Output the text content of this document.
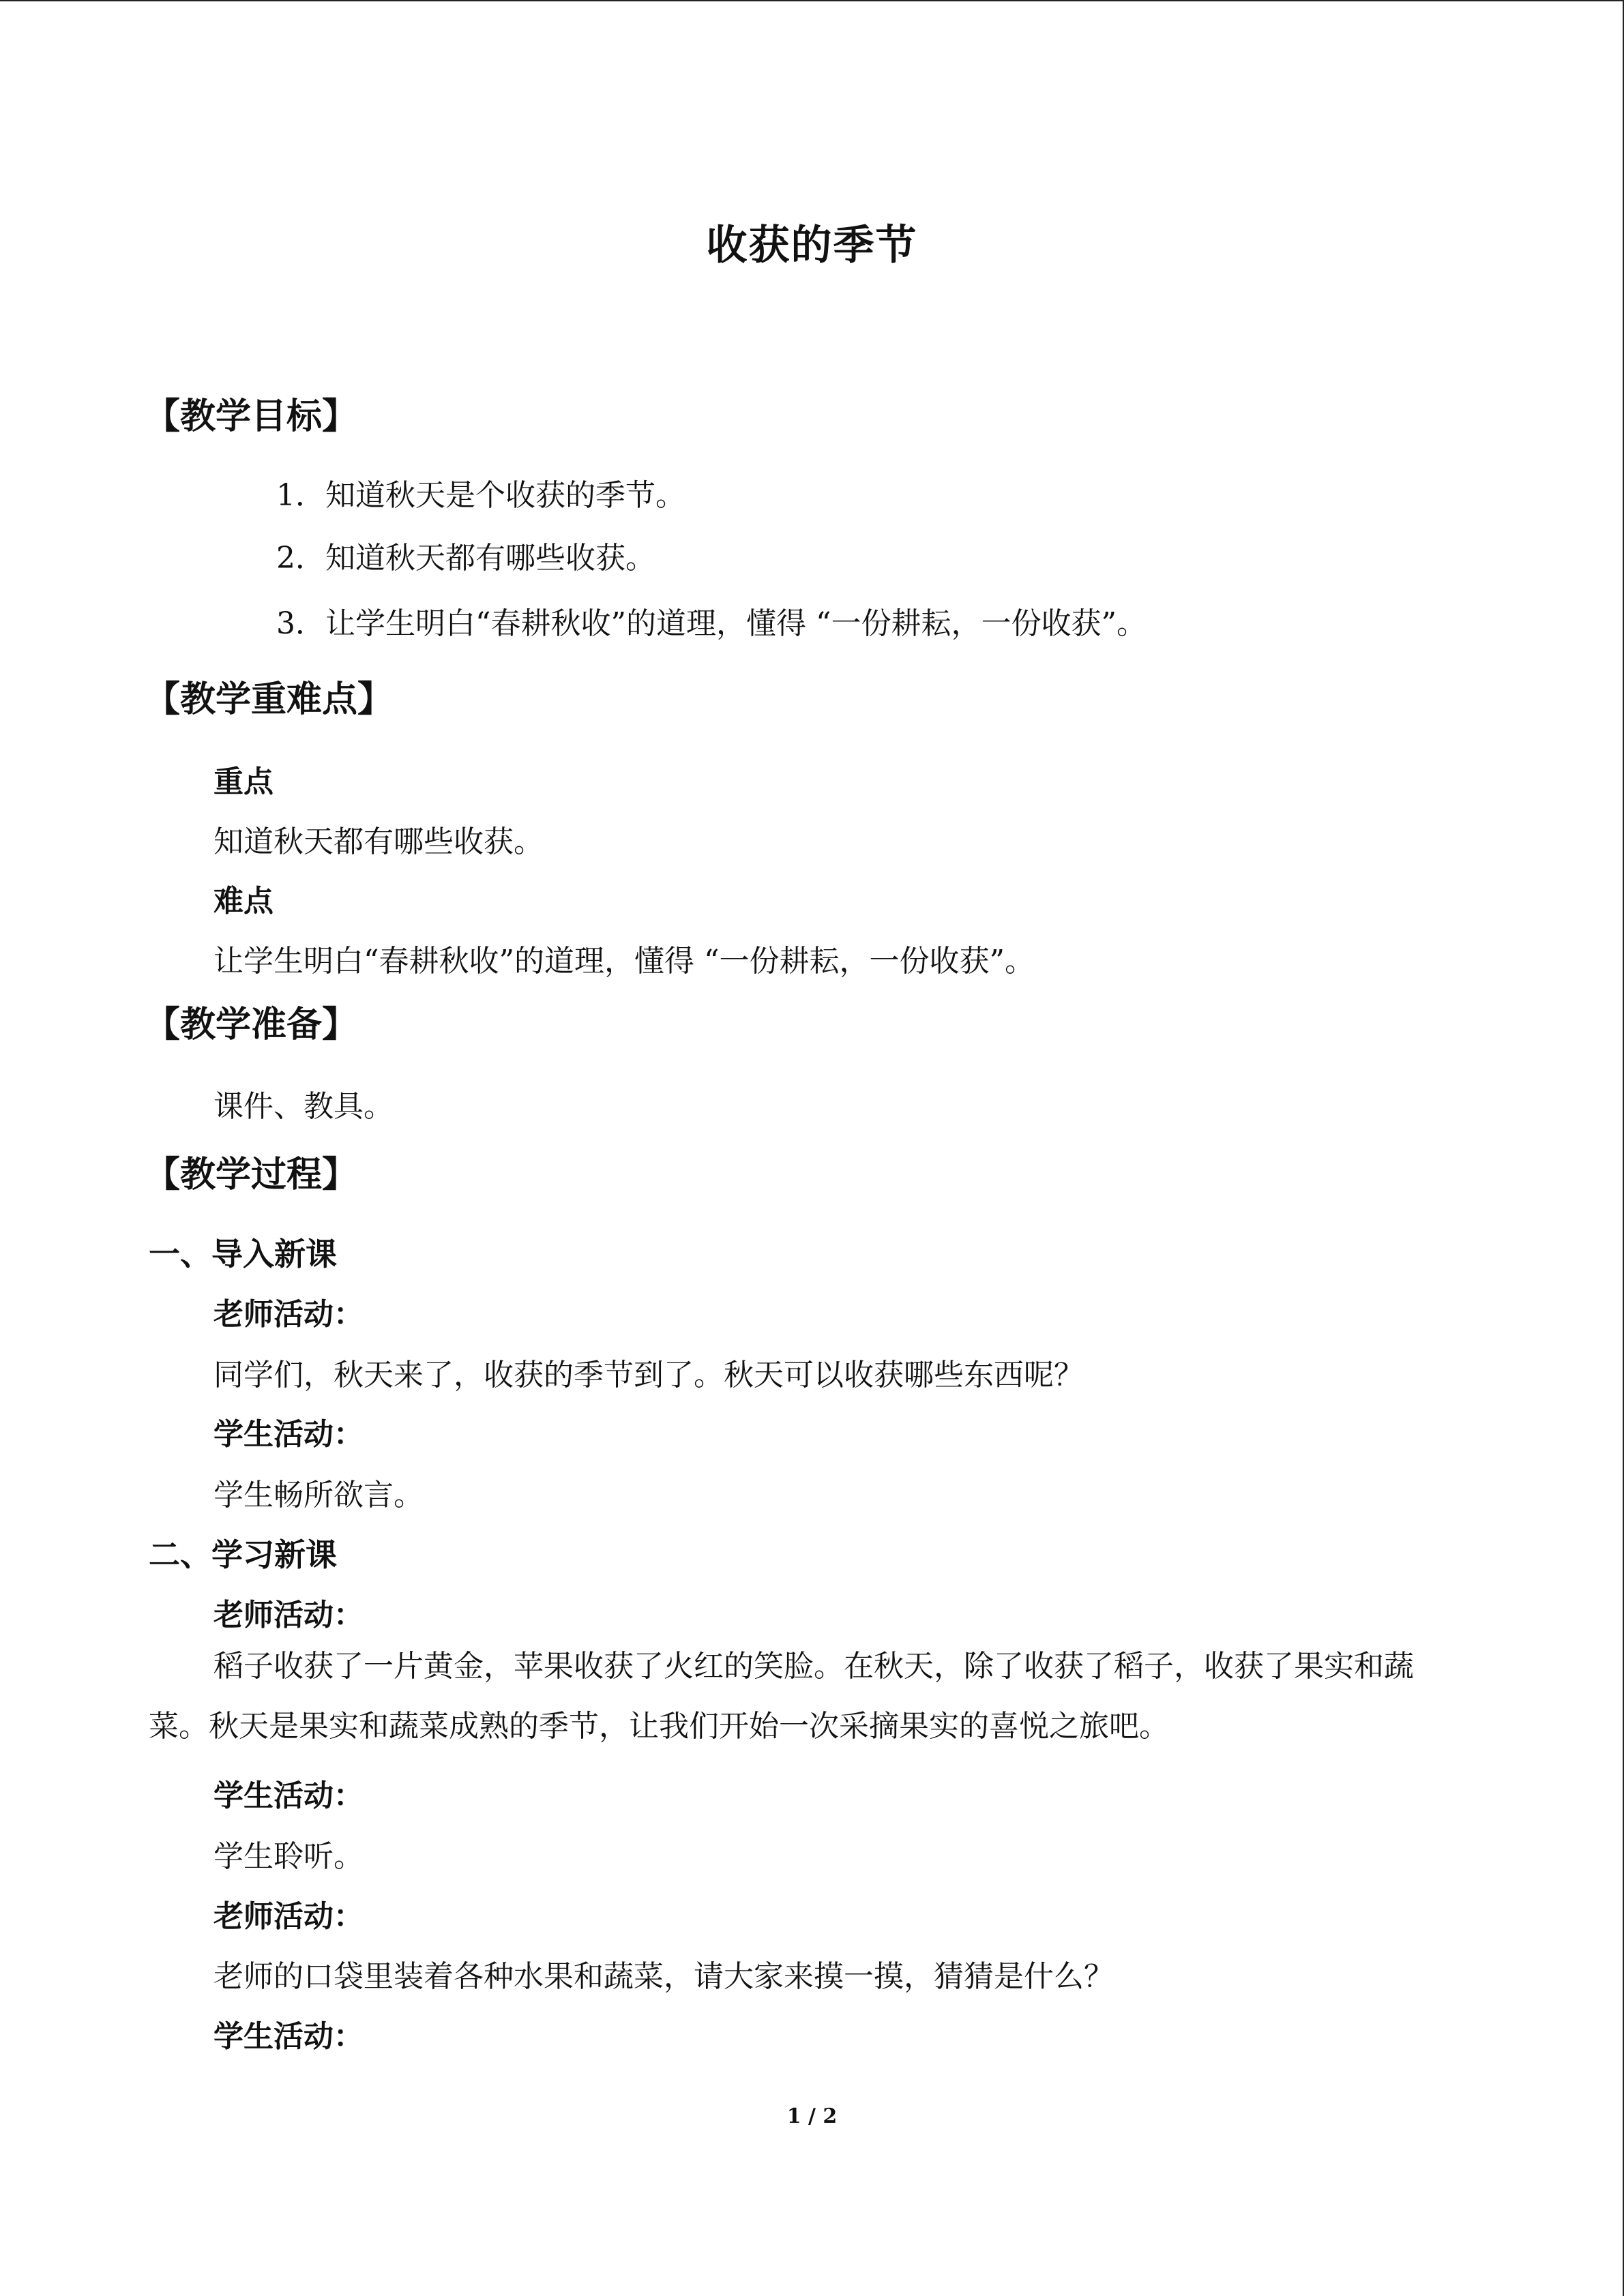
收获的季节
【教学目标】
1．知道秋天是个收获的季节。
2．知道秋天都有哪些收获。
3．让学生明白“春耕秋收”的道理，懂得 “一份耕耘，一份收获”。
【教学重难点】
重点
知道秋天都有哪些收获。
难点
让学生明白“春耕秋收”的道理，懂得 “一份耕耘，一份收获”。
【教学准备】
课件、教具。
【教学过程】
一、导入新课
老师活动：
同学们，秋天来了，收获的季节到了。秋天可以收获哪些东西呢？
学生活动：
学生畅所欲言。
二、学习新课
老师活动：
稻子收获了一片黄金，苹果收获了火红的笑脸。在秋天，除了收获了稻子，收获了果实和蔬菜。秋天是果实和蔬菜成熟的季节，让我们开始一次采摘果实的喜悦之旅吧。
学生活动：
学生聆听。
老师活动：
老师的口袋里装着各种水果和蔬菜，请大家来摸一摸，猜猜是什么？
学生活动：
1 / 2
